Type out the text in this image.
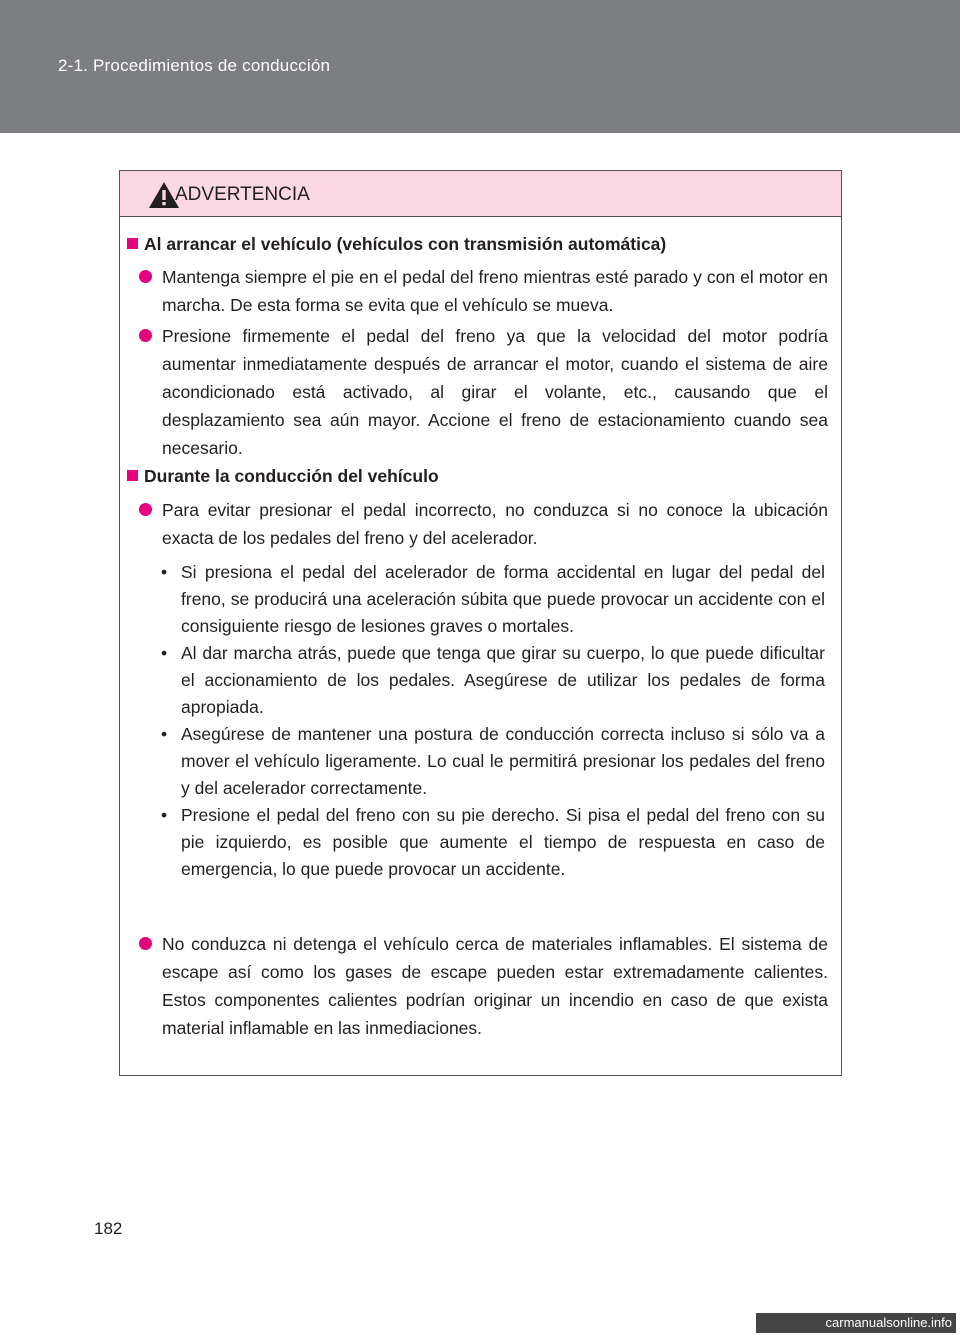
2-1. Procedimientos de conducción
ADVERTENCIA
Al arrancar el vehículo (vehículos con transmisión automática)
Mantenga siempre el pie en el pedal del freno mientras esté parado y con el motor en marcha. De esta forma se evita que el vehículo se mueva.
Presione firmemente el pedal del freno ya que la velocidad del motor podría aumentar inmediatamente después de arrancar el motor, cuando el sistema de aire acondicionado está activado, al girar el volante, etc., causando que el desplazamiento sea aún mayor. Accione el freno de estacionamiento cuando sea necesario.
Durante la conducción del vehículo
Para evitar presionar el pedal incorrecto, no conduzca si no conoce la ubicación exacta de los pedales del freno y del acelerador.
• Si presiona el pedal del acelerador de forma accidental en lugar del pedal del freno, se producirá una aceleración súbita que puede provocar un accidente con el consiguiente riesgo de lesiones graves o mortales.
• Al dar marcha atrás, puede que tenga que girar su cuerpo, lo que puede dificultar el accionamiento de los pedales. Asegúrese de utilizar los pedales de forma apropiada.
• Asegúrese de mantener una postura de conducción correcta incluso si sólo va a mover el vehículo ligeramente. Lo cual le permitirá presionar los pedales del freno y del acelerador correctamente.
• Presione el pedal del freno con su pie derecho. Si pisa el pedal del freno con su pie izquierdo, es posible que aumente el tiempo de respuesta en caso de emergencia, lo que puede provocar un accidente.
No conduzca ni detenga el vehículo cerca de materiales inflamables. El sistema de escape así como los gases de escape pueden estar extremadamente calientes. Estos componentes calientes podrían originar un incendio en caso de que exista material inflamable en las inmediaciones.
182
carmanualsonline.info
